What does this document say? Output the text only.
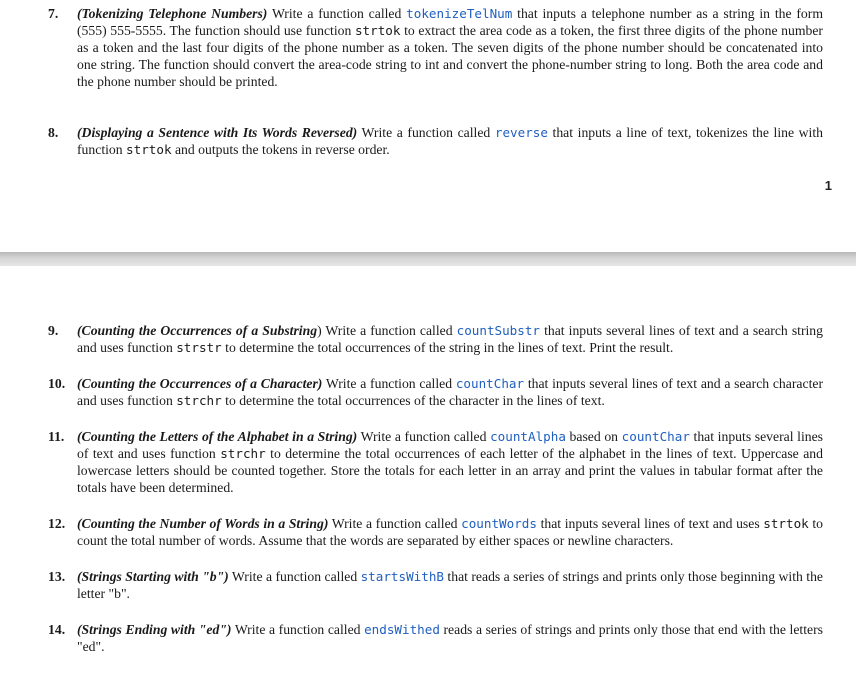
7. (Tokenizing Telephone Numbers) Write a function called tokenizeTelNum that inputs a telephone number as a string in the form (555) 555-5555. The function should use function strtok to extract the area code as a token, the first three digits of the phone number as a token and the last four digits of the phone number as a token. The seven digits of the phone number should be concatenated into one string. The function should convert the area-code string to int and convert the phone-number string to long. Both the area code and the phone number should be printed.
8. (Displaying a Sentence with Its Words Reversed) Write a function called reverse that inputs a line of text, tokenizes the line with function strtok and outputs the tokens in reverse order.
1
9. (Counting the Occurrences of a Substring) Write a function called countSubstr that inputs several lines of text and a search string and uses function strstr to determine the total occurrences of the string in the lines of text. Print the result.
10. (Counting the Occurrences of a Character) Write a function called countChar that inputs several lines of text and a search character and uses function strchr to determine the total occurrences of the character in the lines of text.
11. (Counting the Letters of the Alphabet in a String) Write a function called countAlpha based on countChar that inputs several lines of text and uses function strchr to determine the total occurrences of each letter of the alphabet in the lines of text. Uppercase and lowercase letters should be counted together. Store the totals for each letter in an array and print the values in tabular format after the totals have been determined.
12. (Counting the Number of Words in a String) Write a function called countWords that inputs several lines of text and uses strtok to count the total number of words. Assume that the words are separated by either spaces or newline characters.
13. (Strings Starting with "b") Write a function called startsWithB that reads a series of strings and prints only those beginning with the letter "b".
14. (Strings Ending with "ed") Write a function called endsWithed reads a series of strings and prints only those that end with the letters "ed".
